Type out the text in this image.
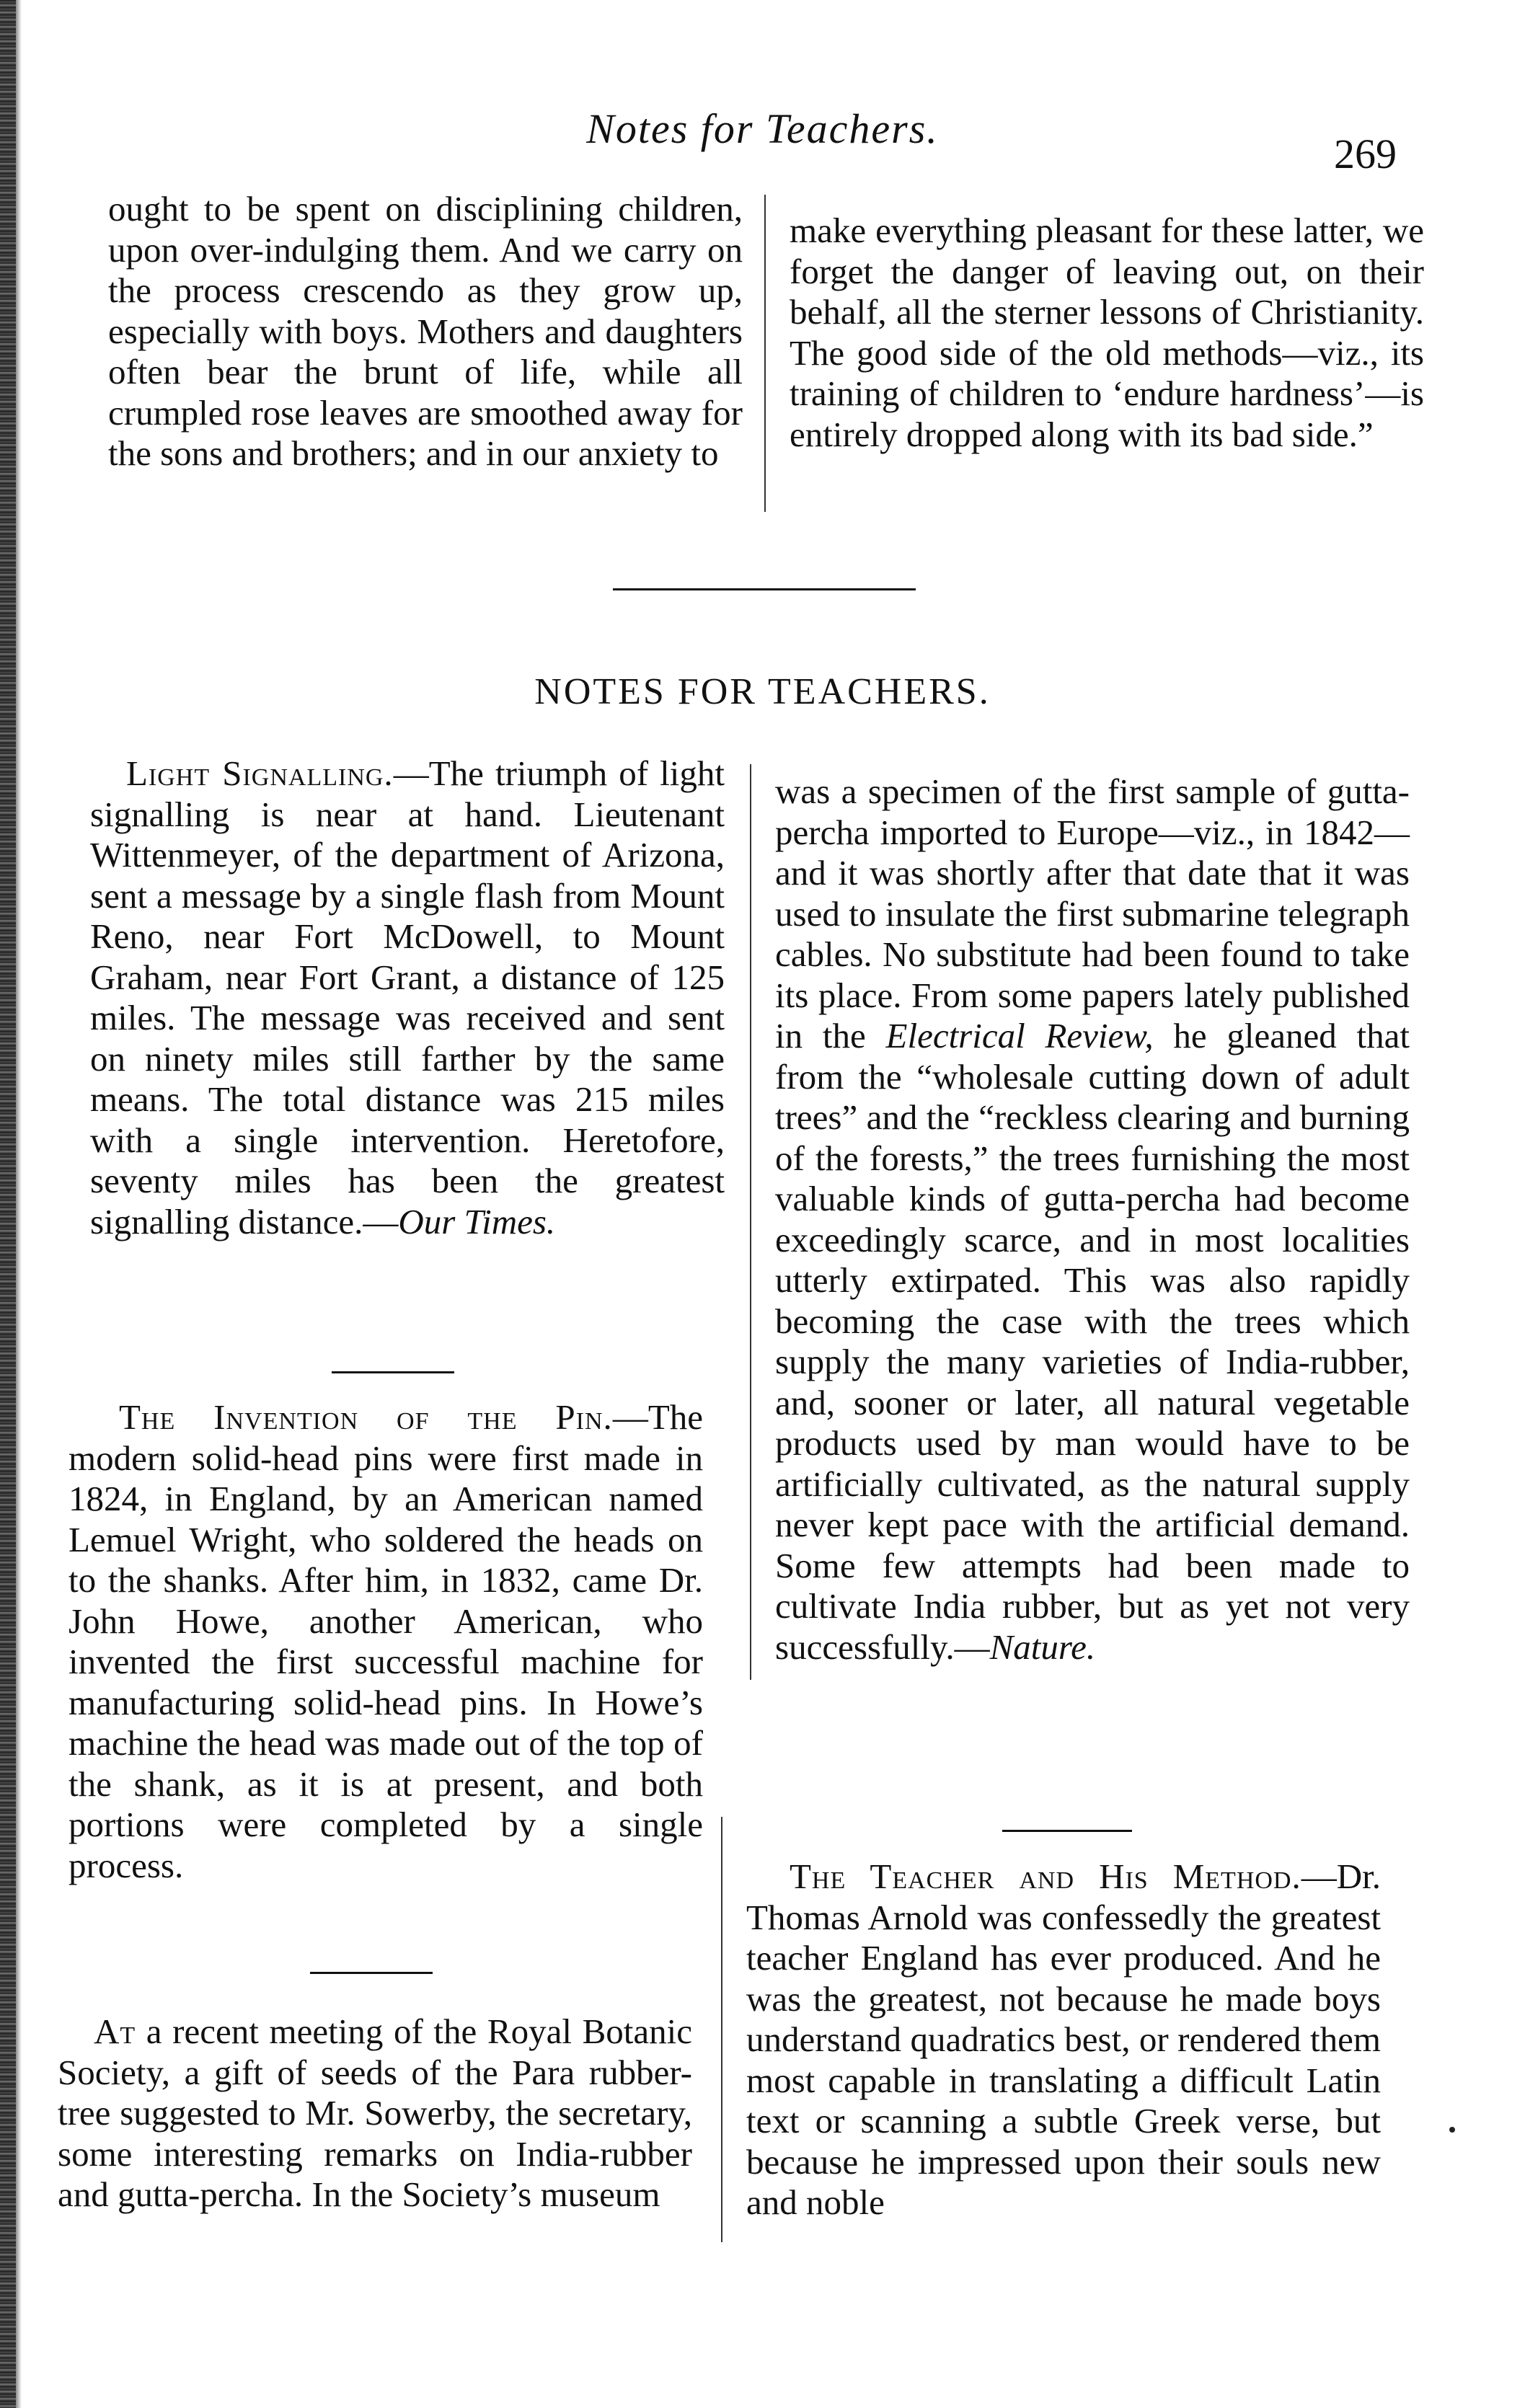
Notes for Teachers.
269

ought to be spent on disciplining children, upon over-indulging them. And we carry on the process crescendo as they grow up, especially with boys. Mothers and daughters often bear the brunt of life, while all crumpled rose leaves are smoothed away for the sons and brothers; and in our anxiety to

make everything pleasant for these latter, we forget the danger of leaving out, on their behalf, all the sterner lessons of Christianity. The good side of the old methods—viz., its training of children to ‘endure hardness’—is entirely dropped along with its bad side.”

NOTES FOR TEACHERS.

Light Signalling.—The triumph of light signalling is near at hand. Lieutenant Wittenmeyer, of the department of Arizona, sent a message by a single flash from Mount Reno, near Fort McDowell, to Mount Graham, near Fort Grant, a distance of 125 miles. The message was received and sent on ninety miles still farther by the same means. The total distance was 215 miles with a single intervention. Heretofore, seventy miles has been the greatest signalling distance.—Our Times.

The Invention of the Pin.—The modern solid-head pins were first made in 1824, in England, by an American named Lemuel Wright, who soldered the heads on to the shanks. After him, in 1832, came Dr. John Howe, another American, who invented the first successful machine for manufacturing solid-head pins. In Howe’s machine the head was made out of the top of the shank, as it is at present, and both portions were completed by a single process.

At a recent meeting of the Royal Botanic Society, a gift of seeds of the Para rubber-tree suggested to Mr. Sowerby, the secretary, some interesting remarks on India-rubber and gutta-percha. In the Society’s museum

was a specimen of the first sample of gutta-percha imported to Europe—viz., in 1842—and it was shortly after that date that it was used to insulate the first submarine telegraph cables. No substitute had been found to take its place. From some papers lately published in the Electrical Review, he gleaned that from the “wholesale cutting down of adult trees” and the “reckless clearing and burning of the forests,” the trees furnishing the most valuable kinds of gutta-percha had become exceedingly scarce, and in most localities utterly extirpated. This was also rapidly becoming the case with the trees which supply the many varieties of India-rubber, and, sooner or later, all natural vegetable products used by man would have to be artificially cultivated, as the natural supply never kept pace with the artificial demand. Some few attempts had been made to cultivate India rubber, but as yet not very successfully.—Nature.

The Teacher and His Method.—Dr. Thomas Arnold was confessedly the greatest teacher England has ever produced. And he was the greatest, not because he made boys understand quadratics best, or rendered them most capable in translating a difficult Latin text or scanning a subtle Greek verse, but because he impressed upon their souls new and noble
